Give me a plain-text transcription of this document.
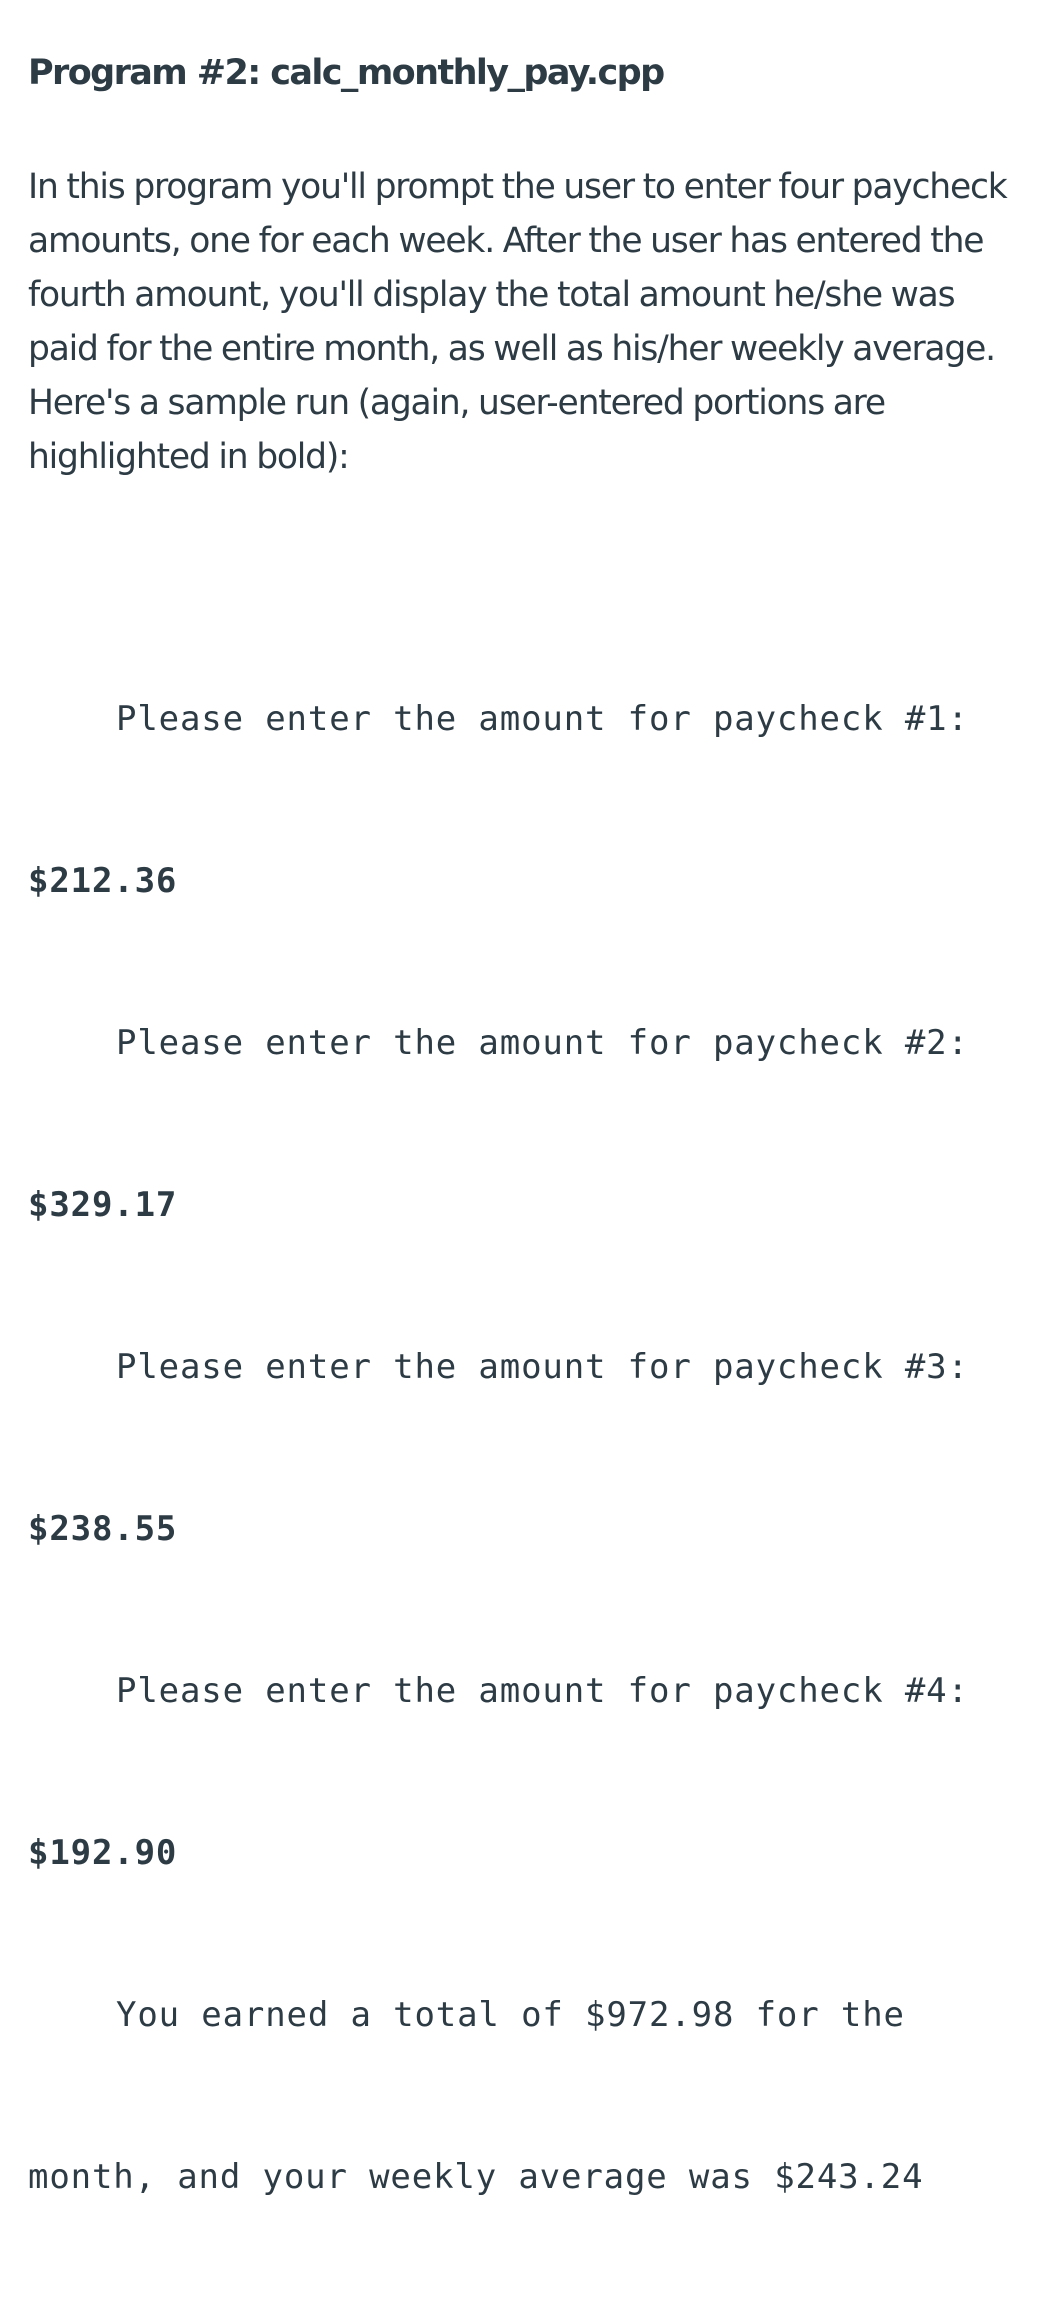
Program #2: calc_monthly_pay.cpp

In this program you'll prompt the user to enter four paycheck amounts, one for each week. After the user has entered the fourth amount, you'll display the total amount he/she was paid for the entire month, as well as his/her weekly average. Here's a sample run (again, user-entered portions are highlighted in bold):

Please enter the amount for paycheck #1:

$212.36

Please enter the amount for paycheck #2:

$329.17

Please enter the amount for paycheck #3:

$238.55

Please enter the amount for paycheck #4:

$192.90

You earned a total of $972.98 for the

month, and your weekly average was $243.24
